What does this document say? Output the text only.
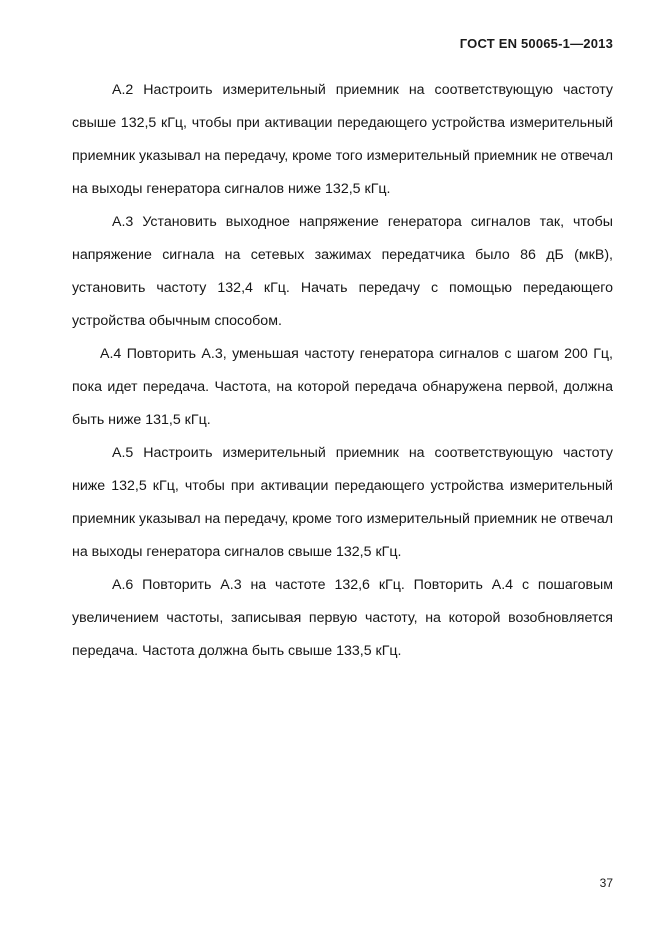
ГОСТ EN 50065-1—2013

А.2 Настроить измерительный приемник на соответствующую частоту свыше 132,5 кГц, чтобы при активации передающего устройства измерительный приемник указывал на передачу, кроме того измерительный приемник не отвечал на выходы генератора сигналов ниже 132,5 кГц.

А.3 Установить выходное напряжение генератора сигналов так, чтобы напряжение сигнала на сетевых зажимах передатчика было 86 дБ (мкВ), установить частоту 132,4 кГц. Начать передачу с помощью передающего устройства обычным способом.

А.4 Повторить А.3, уменьшая частоту генератора сигналов с шагом 200 Гц, пока идет передача. Частота, на которой передача обнаружена первой, должна быть ниже 131,5 кГц.

А.5 Настроить измерительный приемник на соответствующую частоту ниже 132,5 кГц, чтобы при активации передающего устройства измерительный приемник указывал на передачу, кроме того измерительный приемник не отвечал на выходы генератора сигналов свыше 132,5 кГц.

А.6 Повторить А.3 на частоте 132,6 кГц. Повторить А.4 с пошаговым увеличением частоты, записывая первую частоту, на которой возобновляется передача. Частота должна быть свыше 133,5 кГц.

37
